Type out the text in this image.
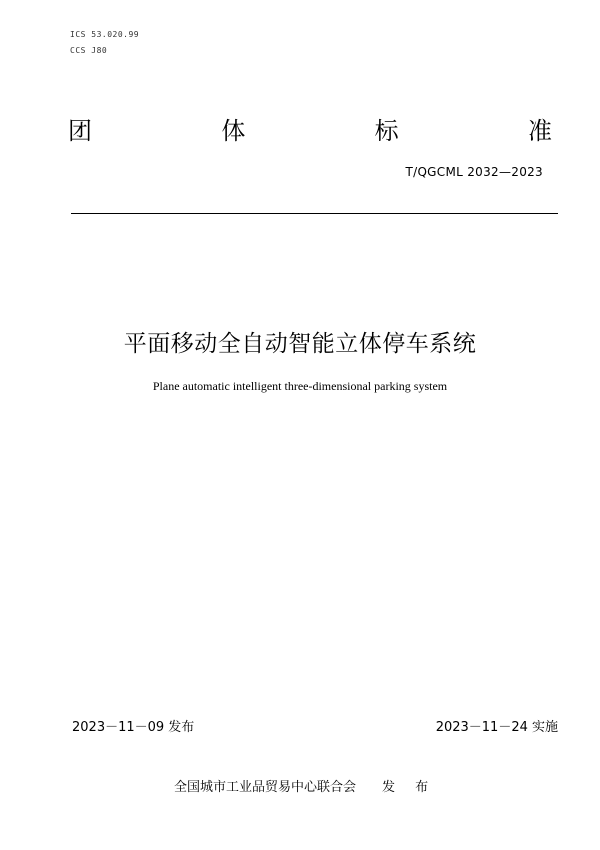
ICS 53.020.99
CCS J80
团	体	标	准
T/QGCML 2032—2023
平面移动全自动智能立体停车系统
Plane automatic intelligent three-dimensional parking system
2023－11－09 发布	2023－11－24 实施
全国城市工业品贸易中心联合会 发 布
